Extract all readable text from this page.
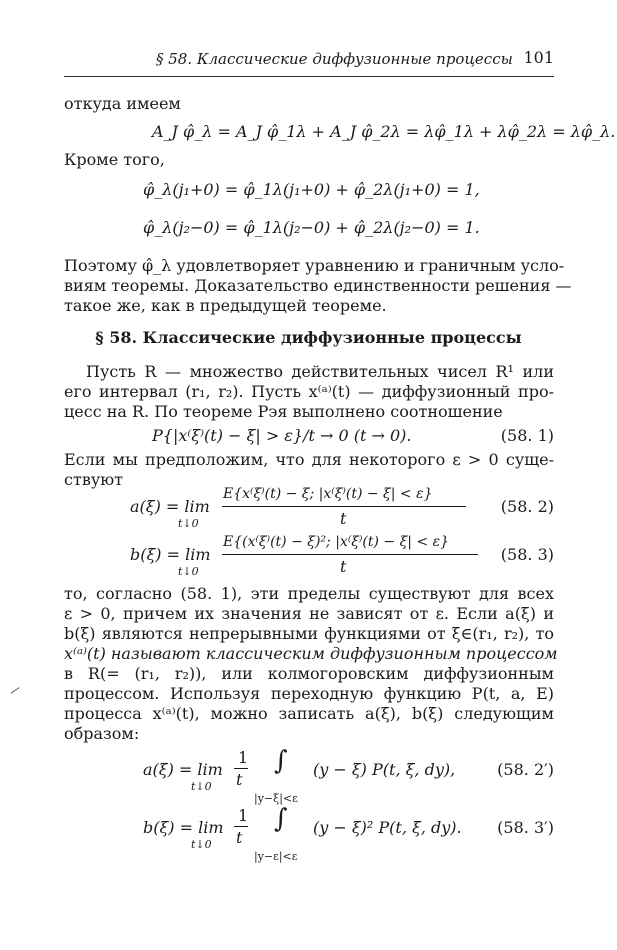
§ 58. Классические диффузионные процессы 101
откуда имеем
A_J φ̂_λ = A_J φ̂_1λ + A_J φ̂_2λ = λφ̂_1λ + λφ̂_2λ = λφ̂_λ.
Кроме того,
φ̂_λ(j₁+0) = φ̂_1λ(j₁+0) + φ̂_2λ(j₁+0) = 1,
φ̂_λ(j₂−0) = φ̂_1λ(j₂−0) + φ̂_2λ(j₂−0) = 1.
Поэтому φ̂_λ удовлетворяет уравнению и граничным усло-
виям теоремы. Доказательство единственности решения —
такое же, как в предыдущей теореме.
§ 58. Классические диффузионные процессы
Пусть R — множество действительных чисел R¹ или
его интервал (r₁, r₂). Пусть x⁽ᵃ⁾(t) — диффузионный про-
цесс на R. По теореме Рэя выполнено соотношение
P{|x⁽ξ⁾(t) − ξ| > ε}/t → 0 (t → 0).	(58. 1)
Если мы предположим, что для некоторого ε > 0 суще-
ствуют
a(ξ) = lim
t↓0
E{x⁽ξ⁾(t) − ξ; |x⁽ξ⁾(t) − ξ| < ε}
t
(58. 2)
b(ξ) = lim
t↓0
E{(x⁽ξ⁾(t) − ξ)²; |x⁽ξ⁾(t) − ξ| < ε}
t
(58. 3)
то, согласно (58. 1), эти пределы существуют для всех
ε > 0, причем их значения не зависят от ε. Если a(ξ) и
b(ξ) являются непрерывными функциями от ξ∈(r₁, r₂), то
x⁽ᵃ⁾(t) называют классическим диффузионным процессом
в R(= (r₁, r₂)), или колмогоровским диффузионным
процессом. Используя переходную функцию P(t, a, E)
процесса x⁽ᵃ⁾(t), можно записать a(ξ), b(ξ) следующим
образом:
a(ξ) = lim
t↓0
1
t
∫
|y−ξ|<ε
(y − ξ) P(t, ξ, dy),	(58. 2′)
b(ξ) = lim
t↓0
1
t
∫
|y−ε|<ε
(y − ξ)² P(t, ξ, dy). (58. 3′)
